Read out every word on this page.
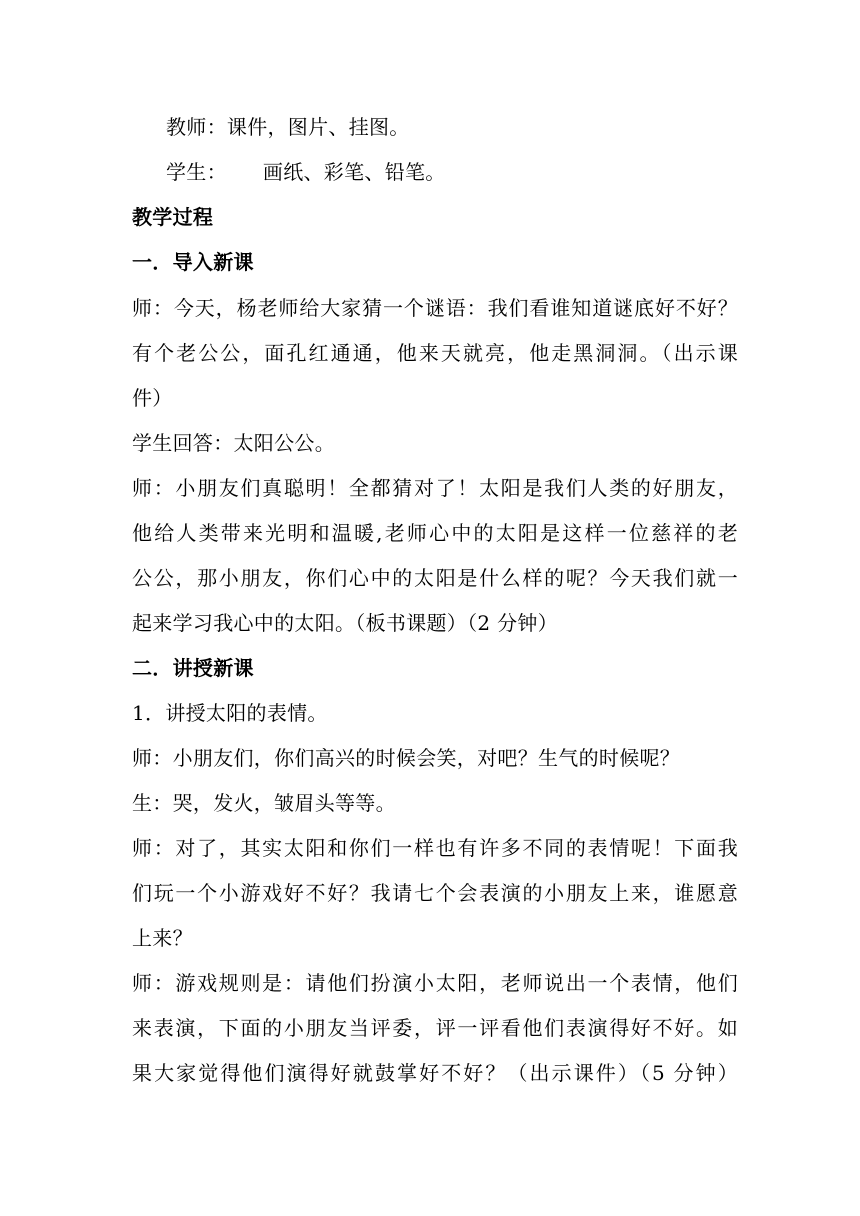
教师：课件，图片、挂图。
学生： 画纸、彩笔、铅笔。
教学过程
一．导入新课
师：今天，杨老师给大家猜一个谜语：我们看谁知道谜底好不好？
有个老公公，面孔红通通，他来天就亮，他走黑洞洞。（出示课
件）
学生回答：太阳公公。
师：小朋友们真聪明！全都猜对了！太阳是我们人类的好朋友，
他给人类带来光明和温暖,老师心中的太阳是这样一位慈祥的老
公公，那小朋友，你们心中的太阳是什么样的呢？今天我们就一
起来学习我心中的太阳。（板书课题）（2 分钟）
二．讲授新课
1．讲授太阳的表情。
师：小朋友们，你们高兴的时候会笑，对吧？生气的时候呢？
生：哭，发火，皱眉头等等。
师：对了，其实太阳和你们一样也有许多不同的表情呢！下面我
们玩一个小游戏好不好？我请七个会表演的小朋友上来，谁愿意
上来？
师：游戏规则是：请他们扮演小太阳，老师说出一个表情，他们
来表演，下面的小朋友当评委，评一评看他们表演得好不好。如
果大家觉得他们演得好就鼓掌好不好？（出示课件）（5 分钟）
